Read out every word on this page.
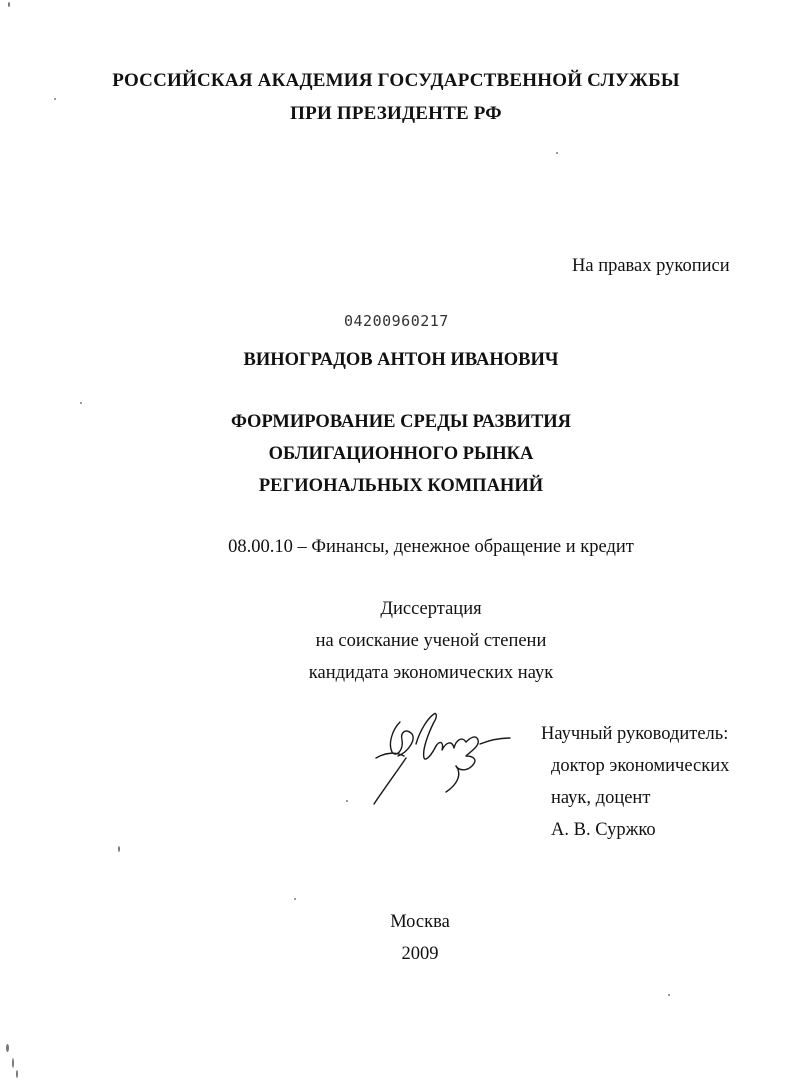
РОССИЙСКАЯ АКАДЕМИЯ ГОСУДАРСТВЕННОЙ СЛУЖБЫ
ПРИ ПРЕЗИДЕНТЕ РФ
На правах рукописи
04200960217
ВИНОГРАДОВ АНТОН ИВАНОВИЧ
ФОРМИРОВАНИЕ СРЕДЫ РАЗВИТИЯ
ОБЛИГАЦИОННОГО РЫНКА
РЕГИОНАЛЬНЫХ КОМПАНИЙ
08.00.10 – Финансы, денежное обращение и кредит
Диссертация
на соискание ученой степени
кандидата экономических наук
Научный руководитель:
доктор экономических
наук, доцент
А. В. Суржко
Москва
2009
